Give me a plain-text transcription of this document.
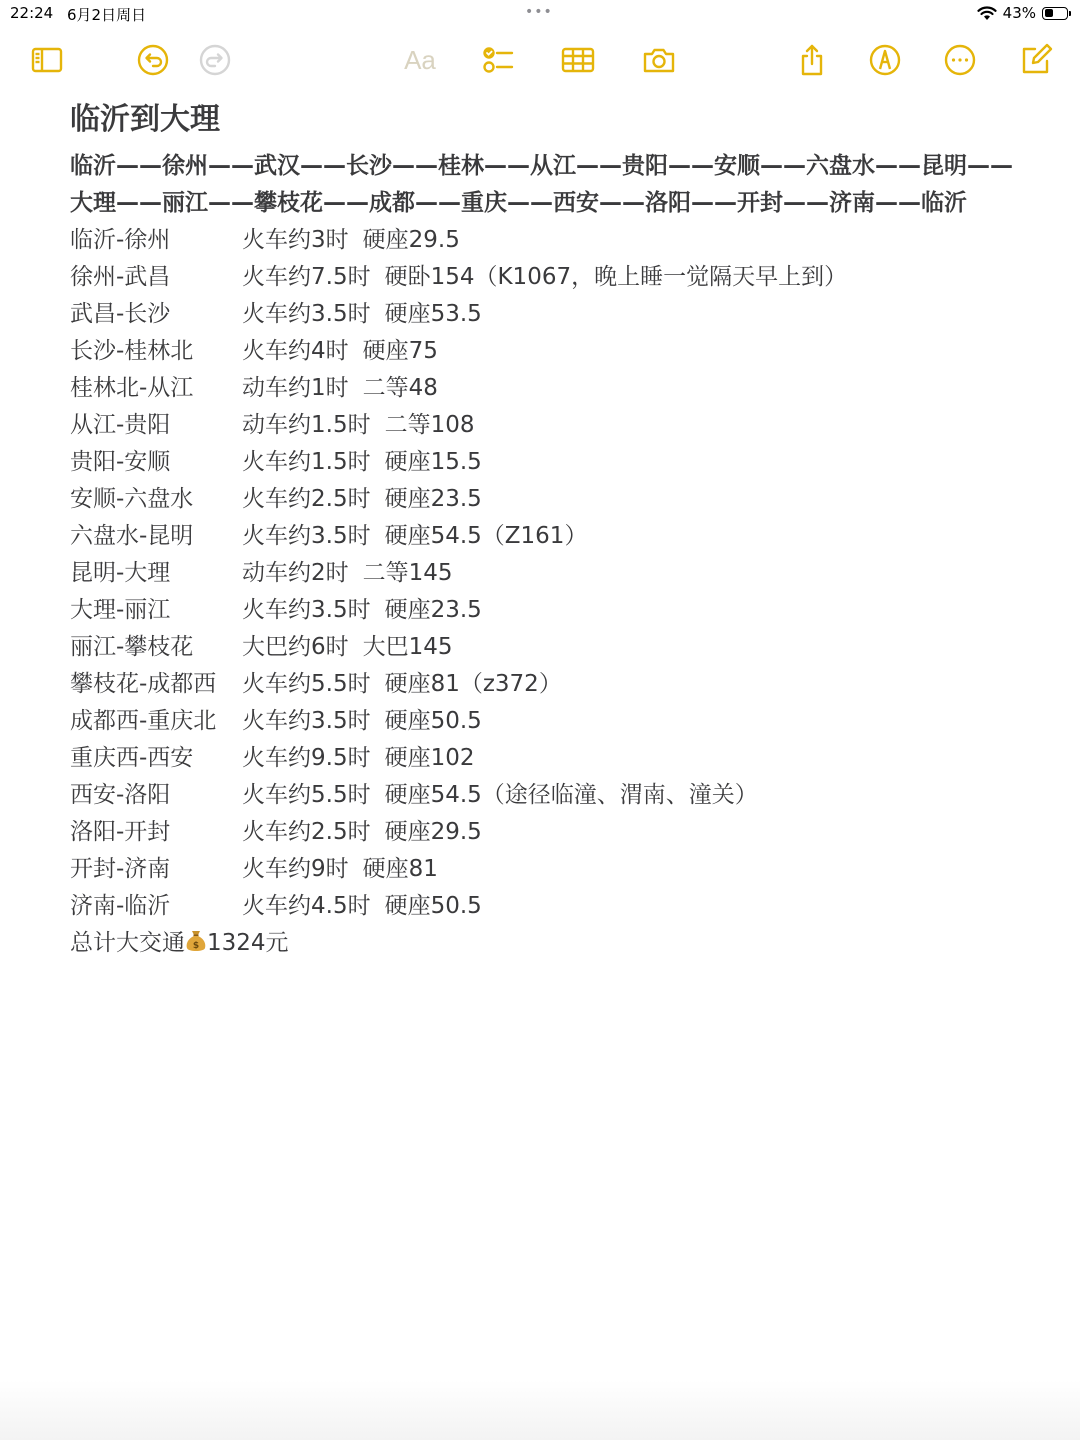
22:24 6月2日周日	•••	43%
Aa
临沂到大理
临沂——徐州——武汉——长沙——桂林——从江——贵阳——安顺——六盘水——昆明——大理——丽江——攀枝花——成都——重庆——西安——洛阳——开封——济南——临沂
临沂-徐州	火车约3时 硬座29.5
徐州-武昌	火车约7.5时 硬卧154（K1067，晚上睡一觉隔天早上到）
武昌-长沙	火车约3.5时 硬座53.5
长沙-桂林北	火车约4时 硬座75
桂林北-从江	动车约1时 二等48
从江-贵阳	动车约1.5时 二等108
贵阳-安顺	火车约1.5时 硬座15.5
安顺-六盘水	火车约2.5时 硬座23.5
六盘水-昆明	火车约3.5时 硬座54.5（Z161）
昆明-大理	动车约2时 二等145
大理-丽江	火车约3.5时 硬座23.5
丽江-攀枝花	大巴约6时 大巴145
攀枝花-成都西	火车约5.5时 硬座81（z372）
成都西-重庆北	火车约3.5时 硬座50.5
重庆西-西安	火车约9.5时 硬座102
西安-洛阳	火车约5.5时 硬座54.5（途径临潼、渭南、潼关）
洛阳-开封	火车约2.5时 硬座29.5
开封-济南	火车约9时 硬座81
济南-临沂	火车约4.5时 硬座50.5
总计大交通 $ 1324元
